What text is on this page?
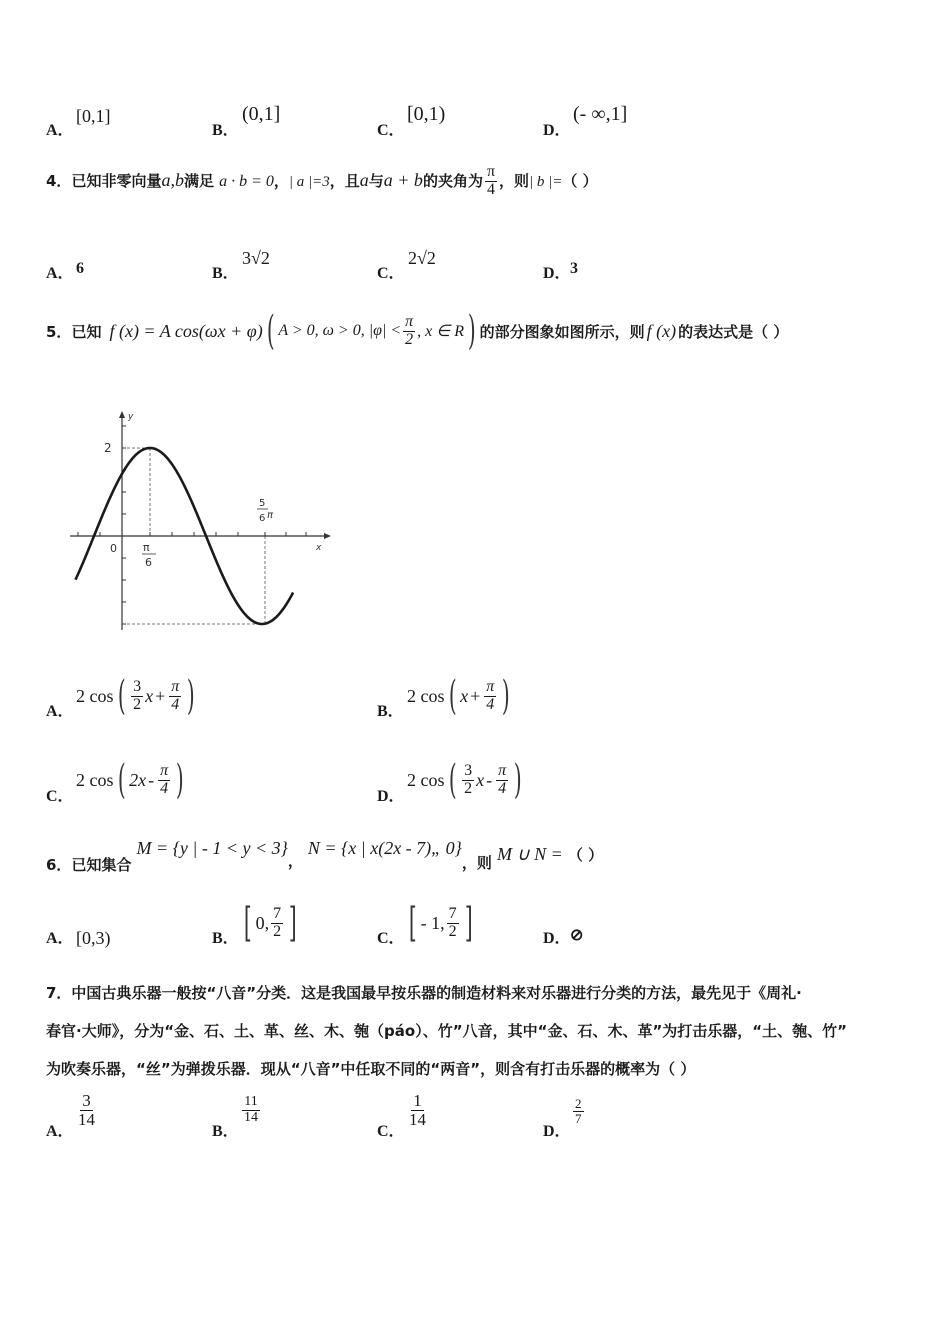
A．
[0,1]
B．
(0,1]
C．
[0,1)
D．
(- ∞,1]
4．已知非零向量a,b满足 a · b = 0，| a |=3，且a与a + b的夹角为 $\frac{\pi}{4}$ ，则| b |=（ ）
A． 6	B．
3√2
C．
2√2
D． 3
5． 已知 f (x) = A cos(ωx + φ) ( A > 0, ω > 0, $|\varphi| < \frac{\pi}{2}$ , x ∈ R ) 的部分图象如图所示，则 f (x) 的表达式是（ ）
y
x
0
2
π
6
5
6 π
A．
2 cos ( $\frac{3}{2}$ $x + \frac{\pi}{4}$ )	B．
2 cos ( $x + \frac{\pi}{4}$ )
C．
2 cos ( $2x - \frac{\pi}{4}$ )	D．
2 cos ( $\frac{3}{2}$ x - $\frac{\pi}{4}$ )
6．已知集合 M = {y | - 1 < y < 3}， N = {x | x(2x - 7)„ 0}，则 M ∪ N = （ ）
A． [0,3)	B． [ 0, $\frac{7}{2}$ ]	C． [ - 1, $\frac{7}{2}$ ]	D． ⊘
7．中国古典乐器一般按“八音”分类．这是我国最早按乐器的制造材料来对乐器进行分类的方法，最先见于《周礼·
春官·大师》，分为“金、石、土、革、丝、木、匏（páo）、竹”八音，其中“金、石、木、革”为打击乐器，“土、匏、竹”
为吹奏乐器，“丝”为弹拨乐器．现从“八音”中任取不同的“两音”，则含有打击乐器的概率为（ ）
A．
$\frac{3}{14}$
B．
$\frac{11}{14}$
C．
$\frac{1}{14}$
D．
$\frac{2}{7}$
